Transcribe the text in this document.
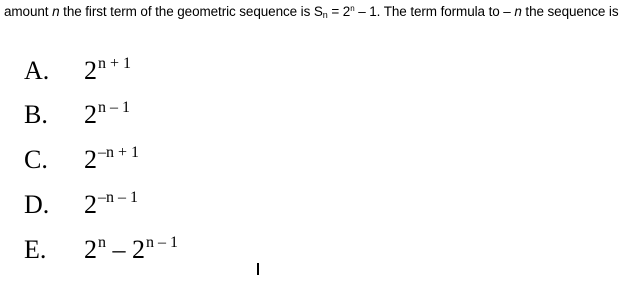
amount n the first term of the geometric sequence is $S_n = 2^n - 1$. The term formula to – n the sequence is
A. $2^{n + 1}$
B. 2$^{n - 1}$
C. $2^{-n + 1}$
D. $2^{-n - 1}$
E. 2$^n$ – 2$^{n - 1}$
